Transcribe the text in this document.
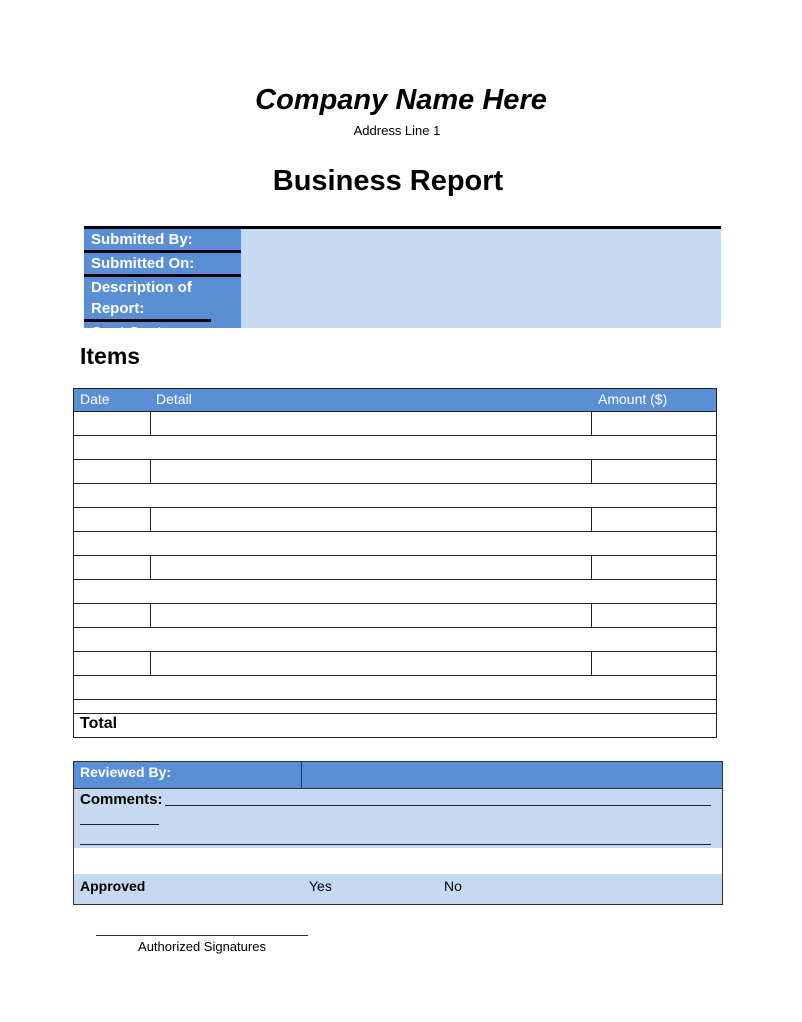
Company Name Here
Address Line 1
Business Report
Submitted By:
Submitted On:
Description of Report:
Cost Center
Items
Date	Detail	Amount ($)
Total
Reviewed By:
Comments:
Approved	Yes	No
Authorized Signatures
